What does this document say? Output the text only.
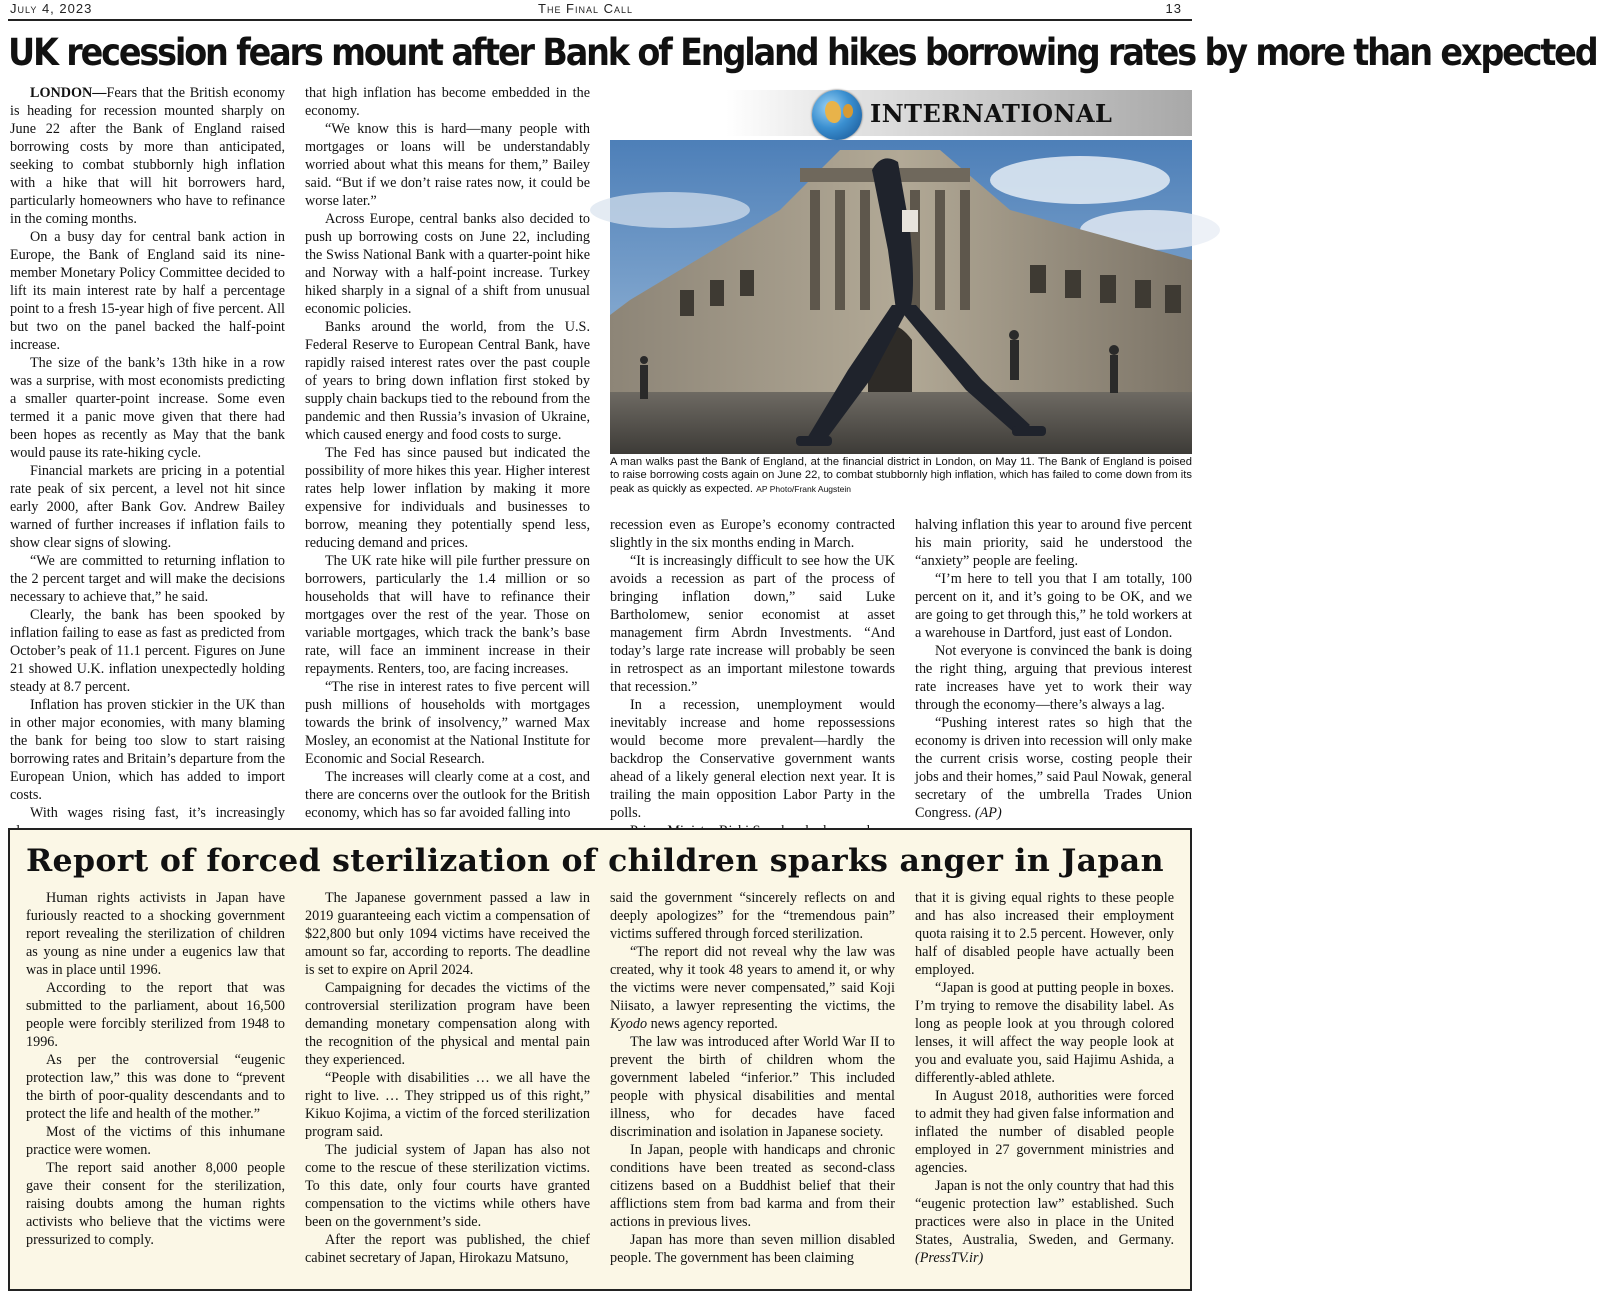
July 4, 2023	The Final Call	13
UK recession fears mount after Bank of England hikes borrowing rates by more than expected

LONDON—Fears that the British economy is heading for recession mounted sharply on June 22 after the Bank of England raised borrowing costs by more than anticipated, seeking to combat stubbornly high inflation with a hike that will hit borrowers hard, particularly homeowners who have to refinance in the coming months.

On a busy day for central bank action in Europe, the Bank of England said its nine-member Monetary Policy Committee decided to lift its main interest rate by half a percentage point to a fresh 15-year high of five percent. All but two on the panel backed the half-point increase.

The size of the bank’s 13th hike in a row was a surprise, with most economists predicting a smaller quarter-point increase. Some even termed it a panic move given that there had been hopes as recently as May that the bank would pause its rate-hiking cycle.

Financial markets are pricing in a potential rate peak of six percent, a level not hit since early 2000, after Bank Gov. Andrew Bailey warned of further increases if inflation fails to show clear signs of slowing.

“We are committed to returning inflation to the 2 percent target and will make the decisions necessary to achieve that,” he said.

Clearly, the bank has been spooked by inflation failing to ease as fast as predicted from October’s peak of 11.1 percent. Figures on June 21 showed U.K. inflation unexpectedly holding steady at 8.7 percent.

Inflation has proven stickier in the UK than in other major economies, with many blaming the bank for being too slow to start raising borrowing rates and Britain’s departure from the European Union, which has added to import costs.

With wages rising fast, it’s increasingly

that high inflation has become embedded in the economy.

“We know this is hard—many people with mortgages or loans will be understandably worried about what this means for them,” Bailey said. “But if we don’t raise rates now, it could be worse later.”

Across Europe, central banks also decided to push up borrowing costs on June 22, including the Swiss National Bank with a quarter-point hike and Norway with a half-point increase. Turkey hiked sharply in a signal of a shift from unusual economic policies.

Banks around the world, from the U.S. Federal Reserve to European Central Bank, have rapidly raised interest rates over the past couple of years to bring down inflation first stoked by supply chain backups tied to the rebound from the pandemic and then Russia’s invasion of Ukraine, which caused energy and food costs to surge.

The Fed has since paused but indicated the possibility of more hikes this year. Higher interest rates help lower inflation by making it more expensive for individuals and businesses to borrow, meaning they potentially spend less, reducing demand and prices.

The UK rate hike will pile further pressure on borrowers, particularly the 1.4 million or so households that will have to refinance their mortgages over the rest of the year. Those on variable mortgages, which track the bank’s base rate, will face an imminent increase in their repayments. Renters, too, are facing increases.

“The rise in interest rates to five percent will push millions of households with mortgages towards the brink of insolvency,” warned Max Mosley, an economist at the National Institute for Economic and Social Research.

The increases will clearly come at a cost, and there are concerns over the outlook for the British economy, which has so far avoided falling into

INTERNATIONAL
A man walks past the Bank of England, at the financial district in London, on May 11. The Bank of England is poised to raise borrowing costs again on June 22, to combat stubbornly high inflation, which has failed to come down from its peak as quickly as expected. AP Photo/Frank Augstein

recession even as Europe’s economy contracted slightly in the six months ending in March.

“It is increasingly difficult to see how the UK avoids a recession as part of the process of bringing inflation down,” said Luke Bartholomew, senior economist at asset management firm Abrdn Investments. “And today’s large rate increase will probably be seen in retrospect as an important milestone towards that recession.”

In a recession, unemployment would inevitably increase and home repossessions would become more prevalent—hardly the backdrop the Conservative government wants ahead of a likely general election next year. It is trailing the main opposition Labor Party in the polls.

halving inflation this year to around five percent his main priority, said he understood the “anxiety” people are feeling.

“I’m here to tell you that I am totally, 100 percent on it, and it’s going to be OK, and we are going to get through this,” he told workers at a warehouse in Dartford, just east of London.

Not everyone is convinced the bank is doing the right thing, arguing that previous interest rate increases have yet to work their way through the economy—there’s always a lag.

“Pushing interest rates so high that the economy is driven into recession will only make the current crisis worse, costing people their jobs and their homes,” said Paul Nowak, general secretary of the umbrella Trades Union Congress. (AP)

Report of forced sterilization of children sparks anger in Japan

Human rights activists in Japan have furiously reacted to a shocking government report revealing the sterilization of children as young as nine under a eugenics law that was in place until 1996.

According to the report that was submitted to the parliament, about 16,500 people were forcibly sterilized from 1948 to 1996.

As per the controversial “eugenic protection law,” this was done to “prevent the birth of poor-quality descendants and to protect the life and health of the mother.”

Most of the victims of this inhumane practice were women.

The report said another 8,000 people gave their consent for the sterilization, raising doubts among the human rights activists who believe that the victims were pressurized to comply.

The Japanese government passed a law in 2019 guaranteeing each victim a compensation of $22,800 but only 1094 victims have received the amount so far, according to reports. The deadline is set to expire on April 2024.

Campaigning for decades the victims of the controversial sterilization program have been demanding monetary compensation along with the recognition of the physical and mental pain they experienced.

“People with disabilities … we all have the right to live. … They stripped us of this right,” Kikuo Kojima, a victim of the forced sterilization program said.

The judicial system of Japan has also not come to the rescue of these sterilization victims. To this date, only four courts have granted compensation to the victims while others have been on the government’s side.

After the report was published, the chief cabinet secretary of Japan, Hirokazu Matsuno,

said the government “sincerely reflects on and deeply apologizes” for the “tremendous pain” victims suffered through forced sterilization.

“The report did not reveal why the law was created, why it took 48 years to amend it, or why the victims were never compensated,” said Koji Niisato, a lawyer representing the victims, the Kyodo news agency reported.

The law was introduced after World War II to prevent the birth of children whom the government labeled “inferior.” This included people with physical disabilities and mental illness, who for decades have faced discrimination and isolation in Japanese society.

In Japan, people with handicaps and chronic conditions have been treated as second-class citizens based on a Buddhist belief that their afflictions stem from bad karma and from their actions in previous lives.

Japan has more than seven million disabled people. The government has been claiming

that it is giving equal rights to these people and has also increased their employment quota raising it to 2.5 percent. However, only half of disabled people have actually been employed.

“Japan is good at putting people in boxes. I’m trying to remove the disability label. As long as people look at you through colored lenses, it will affect the way people look at you and evaluate you, said Hajimu Ashida, a differently-abled athlete.

In August 2018, authorities were forced to admit they had given false information and inflated the number of disabled people employed in 27 government ministries and agencies.

Japan is not the only country that had this “eugenic protection law” established. Such practices were also in place in the United States, Australia, Sweden, and Germany. (PressTV.ir)
